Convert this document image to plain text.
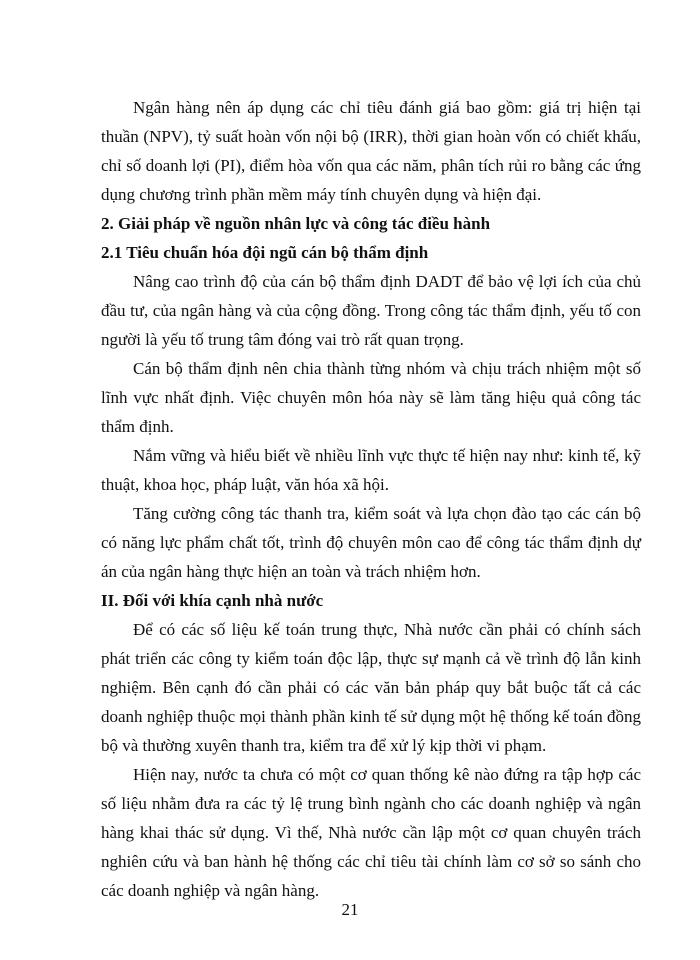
Ngân hàng nên áp dụng các chỉ tiêu đánh giá bao gồm: giá trị hiện tại thuần (NPV), tỷ suất hoàn vốn nội bộ (IRR), thời gian hoàn vốn có chiết khấu, chỉ số doanh lợi (PI), điểm hòa vốn qua các năm, phân tích rủi ro bằng các ứng dụng chương trình phần mềm máy tính chuyên dụng và hiện đại.

2. Giải pháp về nguồn nhân lực và công tác điều hành

2.1 Tiêu chuẩn hóa đội ngũ cán bộ thẩm định

Nâng cao trình độ của cán bộ thẩm định DADT để bảo vệ lợi ích của chủ đầu tư, của ngân hàng và của cộng đồng. Trong công tác thẩm định, yếu tố con người là yếu tố trung tâm đóng vai trò rất quan trọng.

Cán bộ thẩm định nên chia thành từng nhóm và chịu trách nhiệm một số lĩnh vực nhất định. Việc chuyên môn hóa này sẽ làm tăng hiệu quả công tác thẩm định.

Nắm vững và hiểu biết về nhiều lĩnh vực thực tế hiện nay như: kinh tế, kỹ thuật, khoa học, pháp luật, văn hóa xã hội.

Tăng cường công tác thanh tra, kiểm soát và lựa chọn đào tạo các cán bộ có năng lực phẩm chất tốt, trình độ chuyên môn cao để công tác thẩm định dự án của ngân hàng thực hiện an toàn và trách nhiệm hơn.

II. Đối với khía cạnh nhà nước

Để có các số liệu kế toán trung thực, Nhà nước cần phải có chính sách phát triển các công ty kiểm toán độc lập, thực sự mạnh cả về trình độ lẫn kinh nghiệm. Bên cạnh đó cần phải có các văn bản pháp quy bắt buộc tất cả các doanh nghiệp thuộc mọi thành phần kinh tế sử dụng một hệ thống kế toán đồng bộ và thường xuyên thanh tra, kiểm tra để xử lý kịp thời vi phạm.

Hiện nay, nước ta chưa có một cơ quan thống kê nào đứng ra tập hợp các số liệu nhằm đưa ra các tỷ lệ trung bình ngành cho các doanh nghiệp và ngân hàng khai thác sử dụng. Vì thế, Nhà nước cần lập một cơ quan chuyên trách nghiên cứu và ban hành hệ thống các chỉ tiêu tài chính làm cơ sở so sánh cho các doanh nghiệp và ngân hàng.

21
